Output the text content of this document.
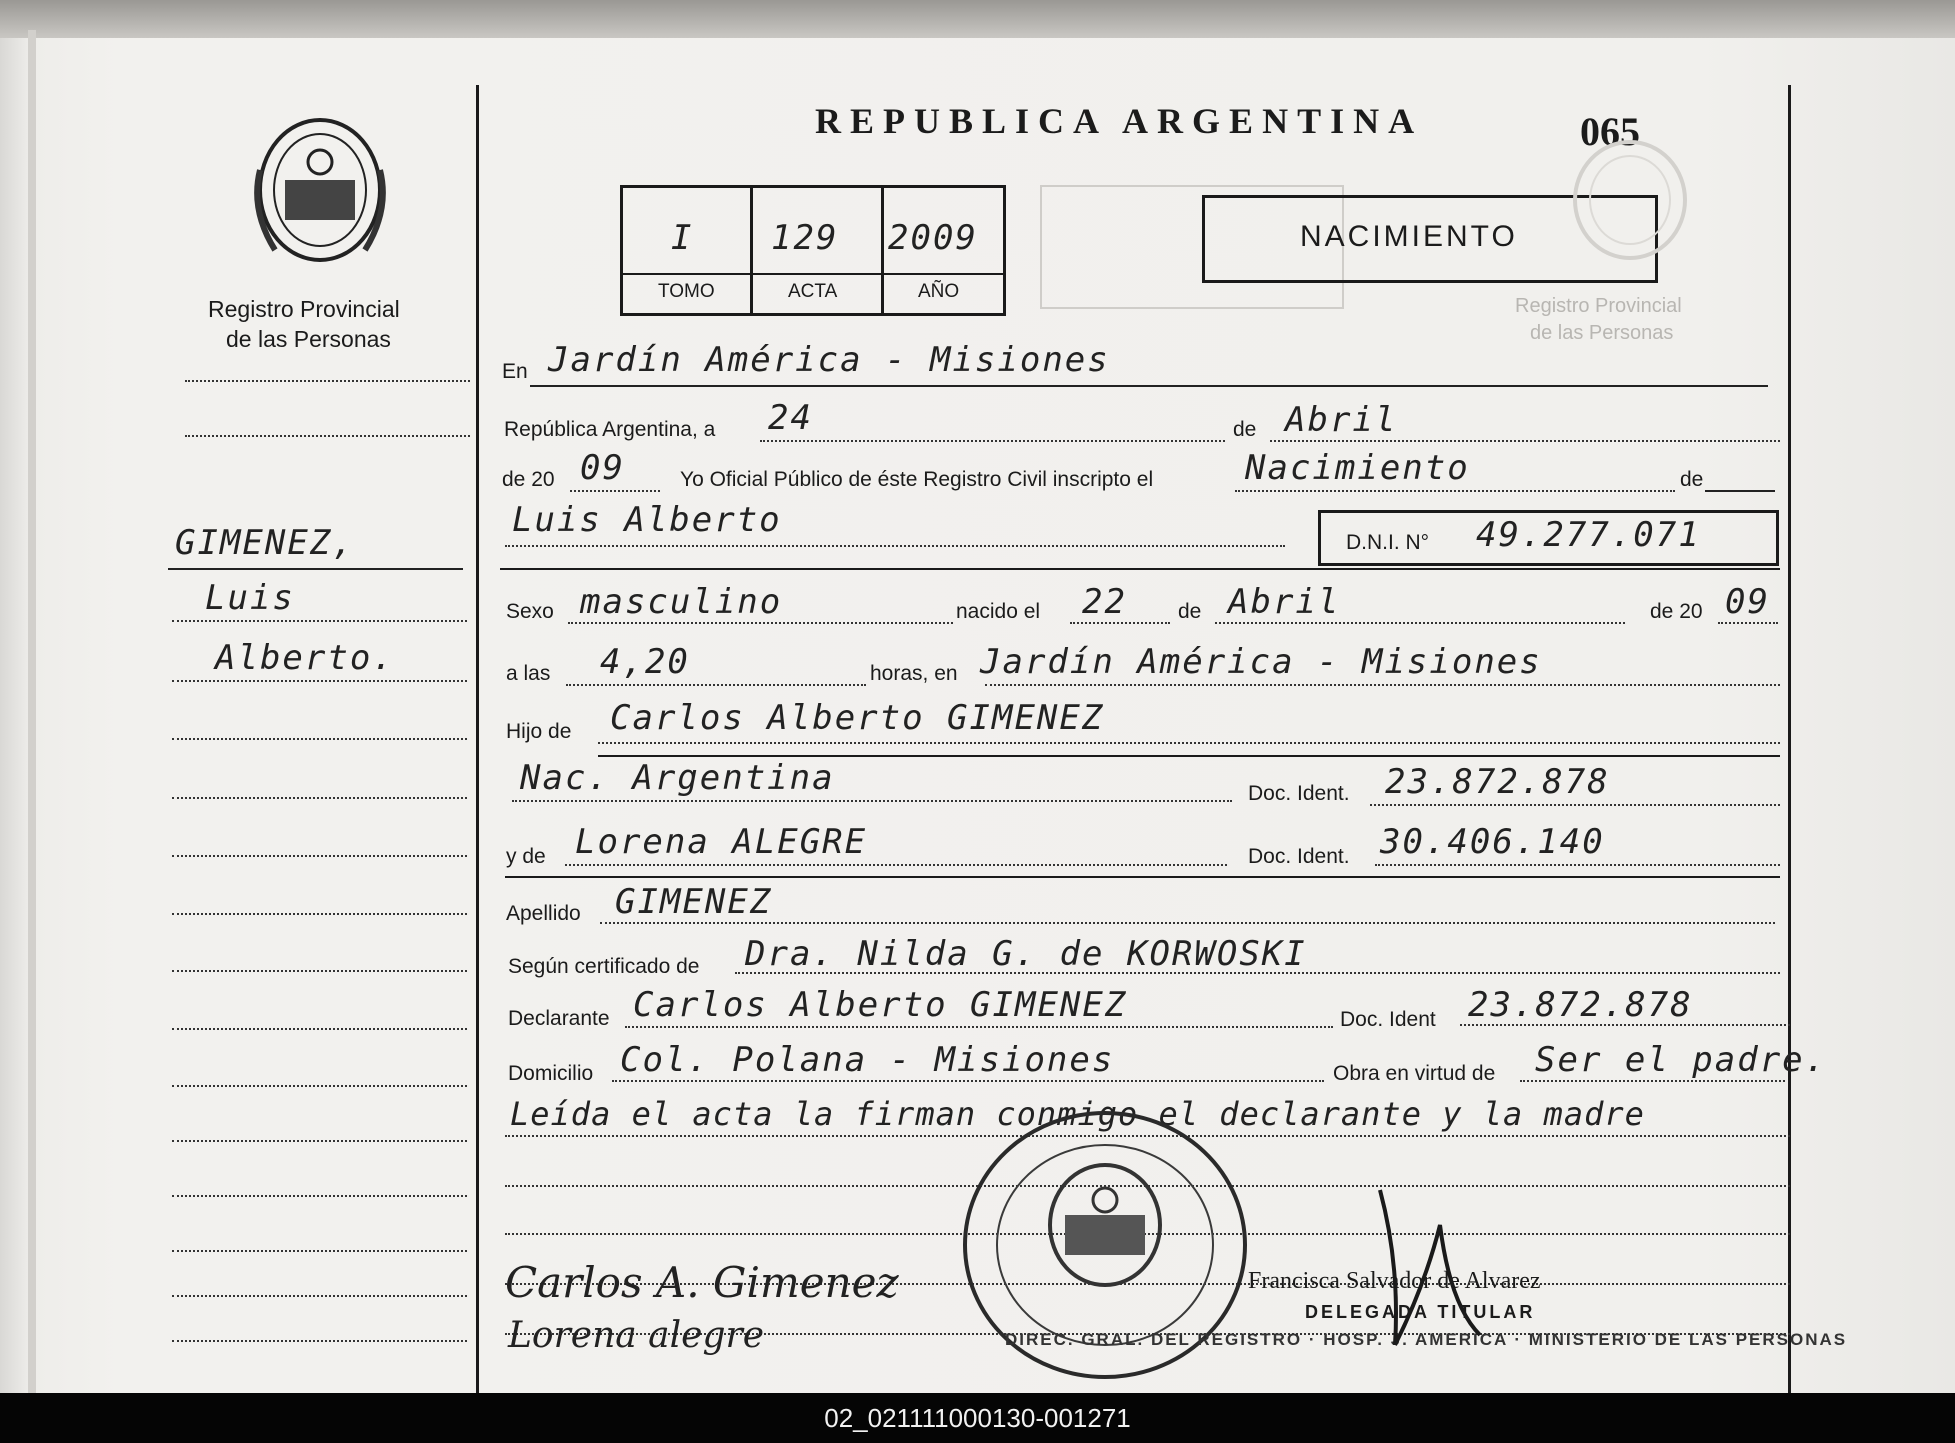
Registro Provincial
de las Personas
Registro Provincial
de las Personas
GIMENEZ,
Luis
Alberto.
REPUBLICA ARGENTINA	065
I 129 2009
TOMO	ACTA	AÑO
NACIMIENTO
En Jardín América - Misiones
República Argentina, a 24	de Abril
de 20 09	Yo Oficial Público de éste Registro Civil inscripto el	Nacimiento	de
Luis Alberto
D.N.I. N° 49.277.071
Sexo masculino	nacido el 22 de Abril	de 20 09
a las 4,20	horas, en Jardín América - Misiones
Hijo de Carlos Alberto GIMENEZ
Nac. Argentina	Doc. Ident. 23.872.878
y de Lorena ALEGRE	Doc. Ident. 30.406.140
Apellido GIMENEZ
Según certificado de Dra. Nilda G. de KORWOSKI
Declarante Carlos Alberto GIMENEZ	Doc. Ident 23.872.878
Domicilio Col. Polana - Misiones	Obra en virtud de Ser el padre.
Leída el acta la firman conmigo el declarante y la madre
DIREC. GRAL. DEL REGISTRO · HOSP. J. AMERICA · MINISTERIO DE LAS PERSONAS
Carlos A. Gimenez
Lorena alegre
Francisca Salvador de Alvarez
DELEGADA TITULAR
02_021111000130-001271
